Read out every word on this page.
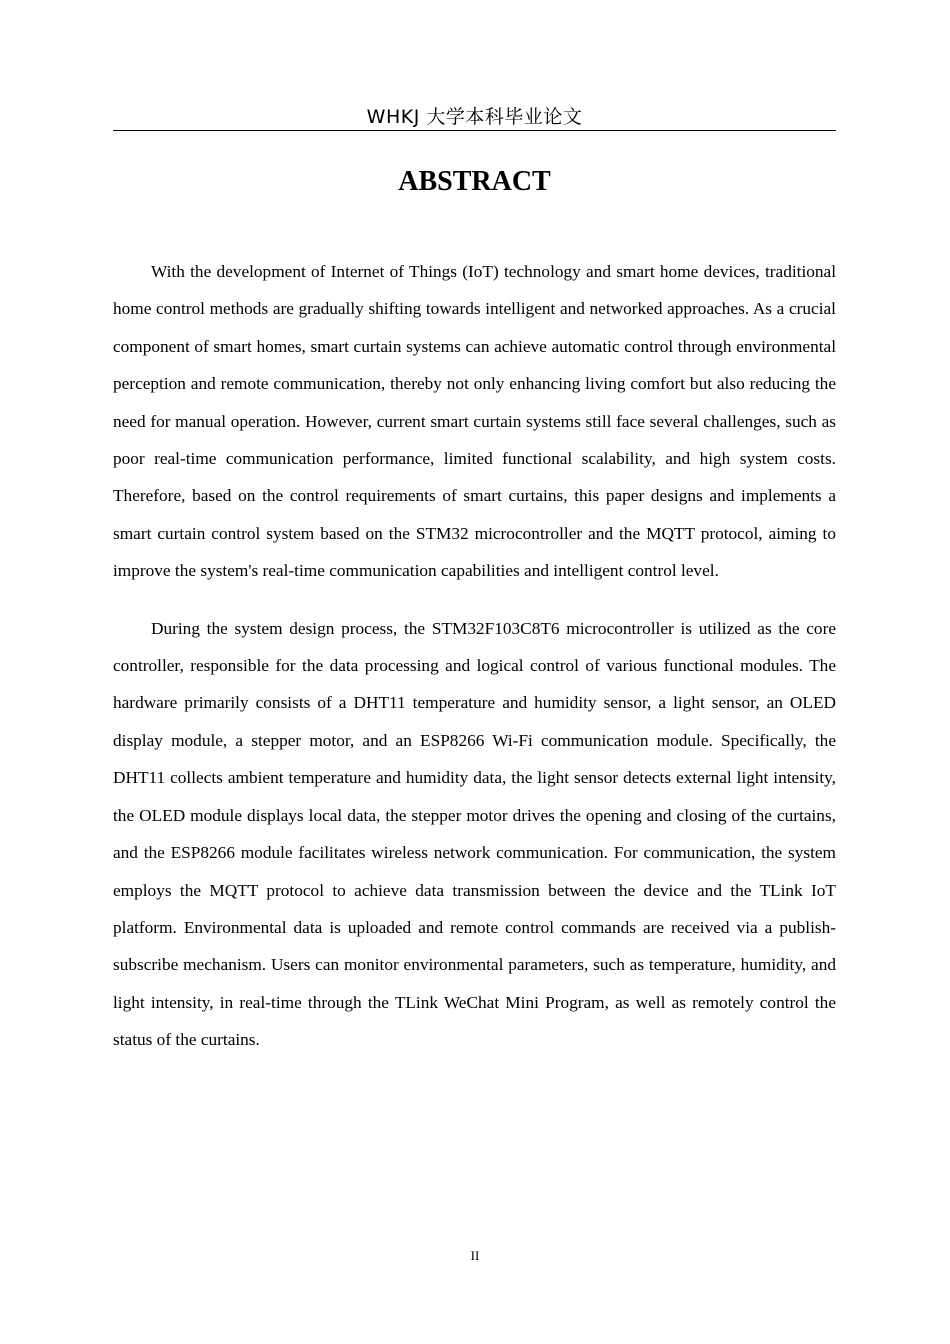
WHKJ 大学本科毕业论文
ABSTRACT

With the development of Internet of Things (IoT) technology and smart home devices, traditional home control methods are gradually shifting towards intelligent and networked approaches. As a crucial component of smart homes, smart curtain systems can achieve automatic control through environmental perception and remote communication, thereby not only enhancing living comfort but also reducing the need for manual operation. However, current smart curtain systems still face several challenges, such as poor real-time communication performance, limited functional scalability, and high system costs. Therefore, based on the control requirements of smart curtains, this paper designs and implements a smart curtain control system based on the STM32 microcontroller and the MQTT protocol, aiming to improve the system's real-time communication capabilities and intelligent control level.

During the system design process, the STM32F103C8T6 microcontroller is utilized as the core controller, responsible for the data processing and logical control of various functional modules. The hardware primarily consists of a DHT11 temperature and humidity sensor, a light sensor, an OLED display module, a stepper motor, and an ESP8266 Wi-Fi communication module. Specifically, the DHT11 collects ambient temperature and humidity data, the light sensor detects external light intensity, the OLED module displays local data, the stepper motor drives the opening and closing of the curtains, and the ESP8266 module facilitates wireless network communication. For communication, the system employs the MQTT protocol to achieve data transmission between the device and the TLink IoT platform. Environmental data is uploaded and remote control commands are received via a publish-subscribe mechanism. Users can monitor environmental parameters, such as temperature, humidity, and light intensity, in real-time through the TLink WeChat Mini Program, as well as remotely control the status of the curtains.

II
